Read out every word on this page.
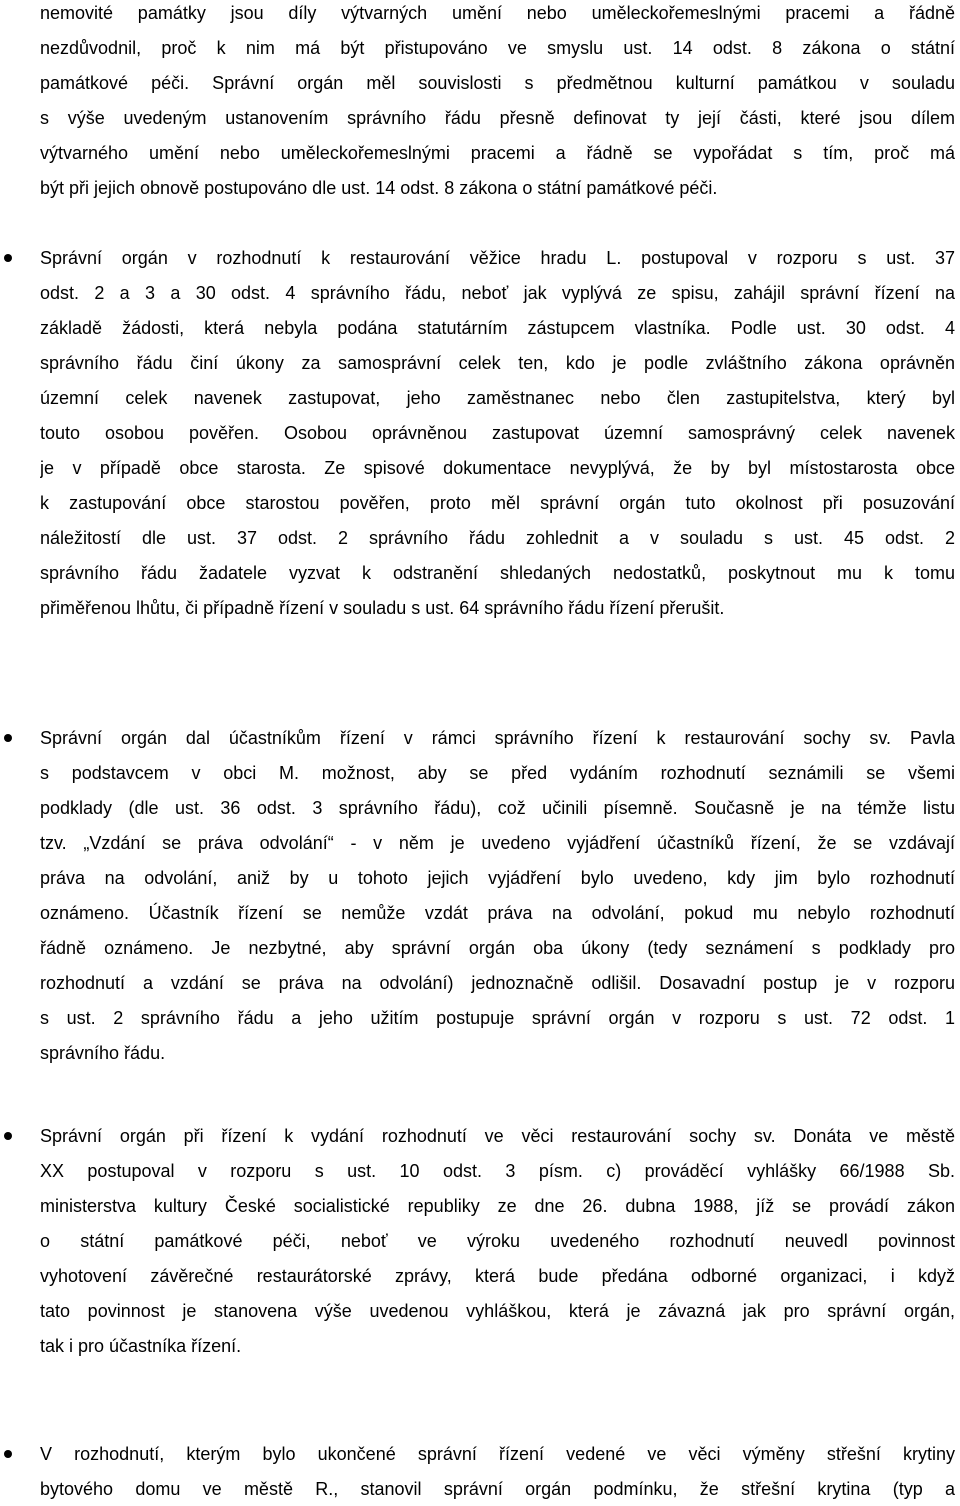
nemovité památky jsou díly výtvarných umění nebo uměleckořemeslnými pracemi a řádně
nezdůvodnil, proč k nim má být přistupováno ve smyslu ust. 14 odst. 8 zákona o státní
památkové péči. Správní orgán měl souvislosti s předmětnou kulturní památkou v souladu
s výše uvedeným ustanovením správního řádu přesně definovat ty její části, které jsou dílem
výtvarného umění nebo uměleckořemeslnými pracemi a řádně se vypořádat s tím, proč má
být při jejich obnově postupováno dle ust. 14 odst. 8 zákona o státní památkové péči.
Správní orgán v rozhodnutí k restaurování věžice hradu L. postupoval v rozporu s ust. 37
odst. 2 a 3 a 30 odst. 4 správního řádu, neboť jak vyplývá ze spisu, zahájil správní řízení na
základě žádosti, která nebyla podána statutárním zástupcem vlastníka. Podle ust. 30 odst. 4
správního řádu činí úkony za samosprávní celek ten, kdo je podle zvláštního zákona oprávněn
územní celek navenek zastupovat, jeho zaměstnanec nebo člen zastupitelstva, který byl
touto osobou pověřen. Osobou oprávněnou zastupovat územní samosprávný celek navenek
je v případě obce starosta. Ze spisové dokumentace nevyplývá, že by byl místostarosta obce
k zastupování obce starostou pověřen, proto měl správní orgán tuto okolnost při posuzování
náležitostí dle ust. 37 odst. 2 správního řádu zohlednit a v souladu s ust. 45 odst. 2
správního řádu žadatele vyzvat k odstranění shledaných nedostatků, poskytnout mu k tomu
přiměřenou lhůtu, či případně řízení v souladu s ust. 64 správního řádu řízení přerušit.
Správní orgán dal účastníkům řízení v rámci správního řízení k restaurování sochy sv. Pavla
s podstavcem v obci M. možnost, aby se před vydáním rozhodnutí seznámili se všemi
podklady (dle ust. 36 odst. 3 správního řádu), což učinili písemně. Současně je na témže listu
tzv. „Vzdání se práva odvolání“ - v něm je uvedeno vyjádření účastníků řízení, že se vzdávají
práva na odvolání, aniž by u tohoto jejich vyjádření bylo uvedeno, kdy jim bylo rozhodnutí
oznámeno. Účastník řízení se nemůže vzdát práva na odvolání, pokud mu nebylo rozhodnutí
řádně oznámeno. Je nezbytné, aby správní orgán oba úkony (tedy seznámení s podklady pro
rozhodnutí a vzdání se práva na odvolání) jednoznačně odlišil. Dosavadní postup je v rozporu
s ust. 2 správního řádu a jeho užitím postupuje správní orgán v rozporu s ust. 72 odst. 1
správního řádu.
Správní orgán při řízení k vydání rozhodnutí ve věci restaurování sochy sv. Donáta ve městě
XX postupoval v rozporu s ust. 10 odst. 3 písm. c) prováděcí vyhlášky 66/1988 Sb.
ministerstva kultury České socialistické republiky ze dne 26. dubna 1988, jíž se provádí zákon
o státní památkové péči, neboť ve výroku uvedeného rozhodnutí neuvedl povinnost
vyhotovení závěrečné restaurátorské zprávy, která bude předána odborné organizaci, i když
tato povinnost je stanovena výše uvedenou vyhláškou, která je závazná jak pro správní orgán,
tak i pro účastníka řízení.
V rozhodnutí, kterým bylo ukončené správní řízení vedené ve věci výměny střešní krytiny
bytového domu ve městě R., stanovil správní orgán podmínku, že střešní krytina (typ a
